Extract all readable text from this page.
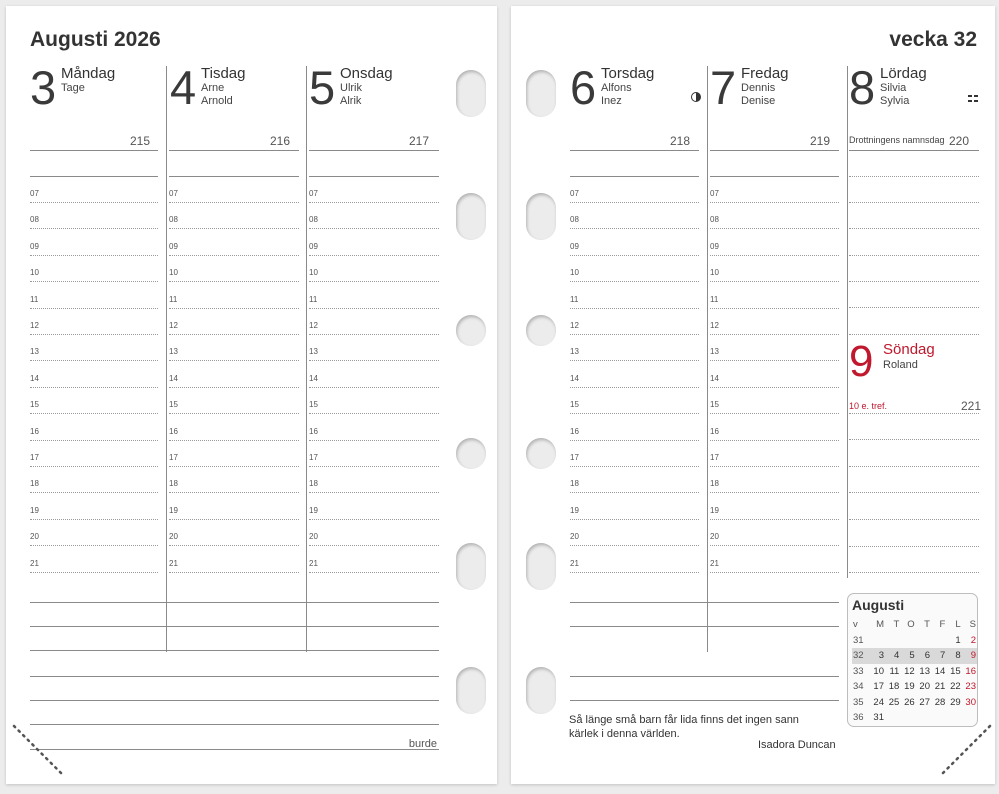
Augusti 2026
3 Måndag
Tage
215
4 Tisdag
Arne
Arnold
216
5 Onsdag
Ulrik
Alrik
217
07
08
09
10
11
12
13
14
15
16
17
18
19
20
21
07
08
09
10
11
12
13
14
15
16
17
18
19
20
21
07
08
09
10
11
12
13
14
15
16
17
18
19
20
21
burde
vecka 32
6 Torsdag
Alfons
Inez
218
7 Fredag
Dennis
Denise
219
8 Lördag
Silvia
Sylvia
Drottningens namnsdag 220
07
08
09
10
11
12
13
14
15
16
17
18
19
20
21
07
08
09
10
11
12
13
14
15
16
17
18
19
20
21
9 Söndag
Roland
10 e. tref.	221
Så länge små barn får lida finns det ingen sann kärlek i denna världen.
Isadora Duncan
Augusti
v	M	T	O	T	F	L	S
31						1	2
32	3	4	5	6	7	8	9
33	10	11	12	13	14	15	16
34	17	18	19	20	21	22	23
35	24	25	26	27	28	29	30
36	31						
